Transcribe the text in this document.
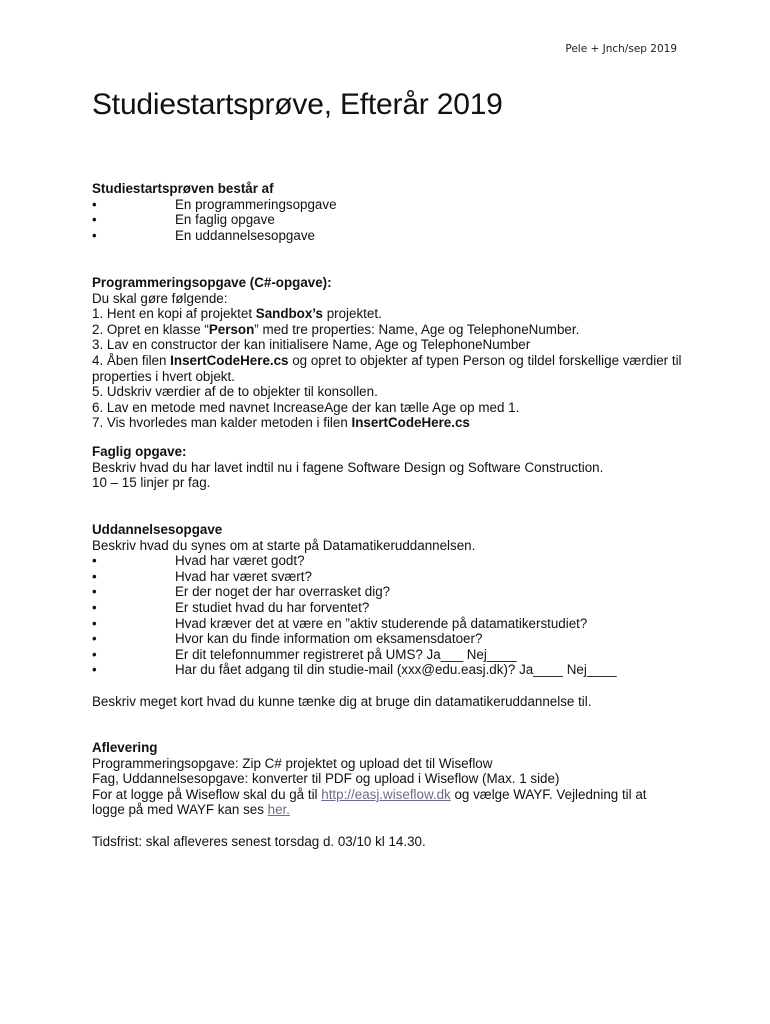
Pele + Jnch/sep 2019
Studiestartsprøve, Efterår 2019
Studiestartsprøven består af
•	En programmeringsopgave
•	En faglig opgave
•	En uddannelsesopgave
Programmeringsopgave (C#-opgave):
Du skal gøre følgende:
1. Hent en kopi af projektet Sandbox’s projektet.
2. Opret en klasse “Person” med tre properties: Name, Age og TelephoneNumber.
3. Lav en constructor der kan initialisere Name, Age og TelephoneNumber
4. Åben filen InsertCodeHere.cs og opret to objekter af typen Person og tildel forskellige værdier til properties i hvert objekt.
5. Udskriv værdier af de to objekter til konsollen.
6. Lav en metode med navnet IncreaseAge der kan tælle Age op med 1.
7. Vis hvorledes man kalder metoden i filen InsertCodeHere.cs
Faglig opgave:
Beskriv hvad du har lavet indtil nu i fagene Software Design og Software Construction.
10 – 15 linjer pr fag.
Uddannelsesopgave
Beskriv hvad du synes om at starte på Datamatikeruddannelsen.
•	Hvad har været godt?
•	Hvad har været svært?
•	Er der noget der har overrasket dig?
•	Er studiet hvad du har forventet?
•	Hvad kræver det at være en ”aktiv studerende på datamatikerstudiet?
•	Hvor kan du finde information om eksamensdatoer?
•	Er dit telefonnummer registreret på UMS? Ja___ Nej____
•	Har du fået adgang til din studie-mail (xxx@edu.easj.dk)? Ja____ Nej____
Beskriv meget kort hvad du kunne tænke dig at bruge din datamatikeruddannelse til.
Aflevering
Programmeringsopgave: Zip C# projektet og upload det til Wiseflow
Fag, Uddannelsesopgave: konverter til PDF og upload i Wiseflow (Max. 1 side)
For at logge på Wiseflow skal du gå til http://easj.wiseflow.dk og vælge WAYF. Vejledning til at logge på med WAYF kan ses her.
Tidsfrist: skal afleveres senest torsdag d. 03/10 kl 14.30.
